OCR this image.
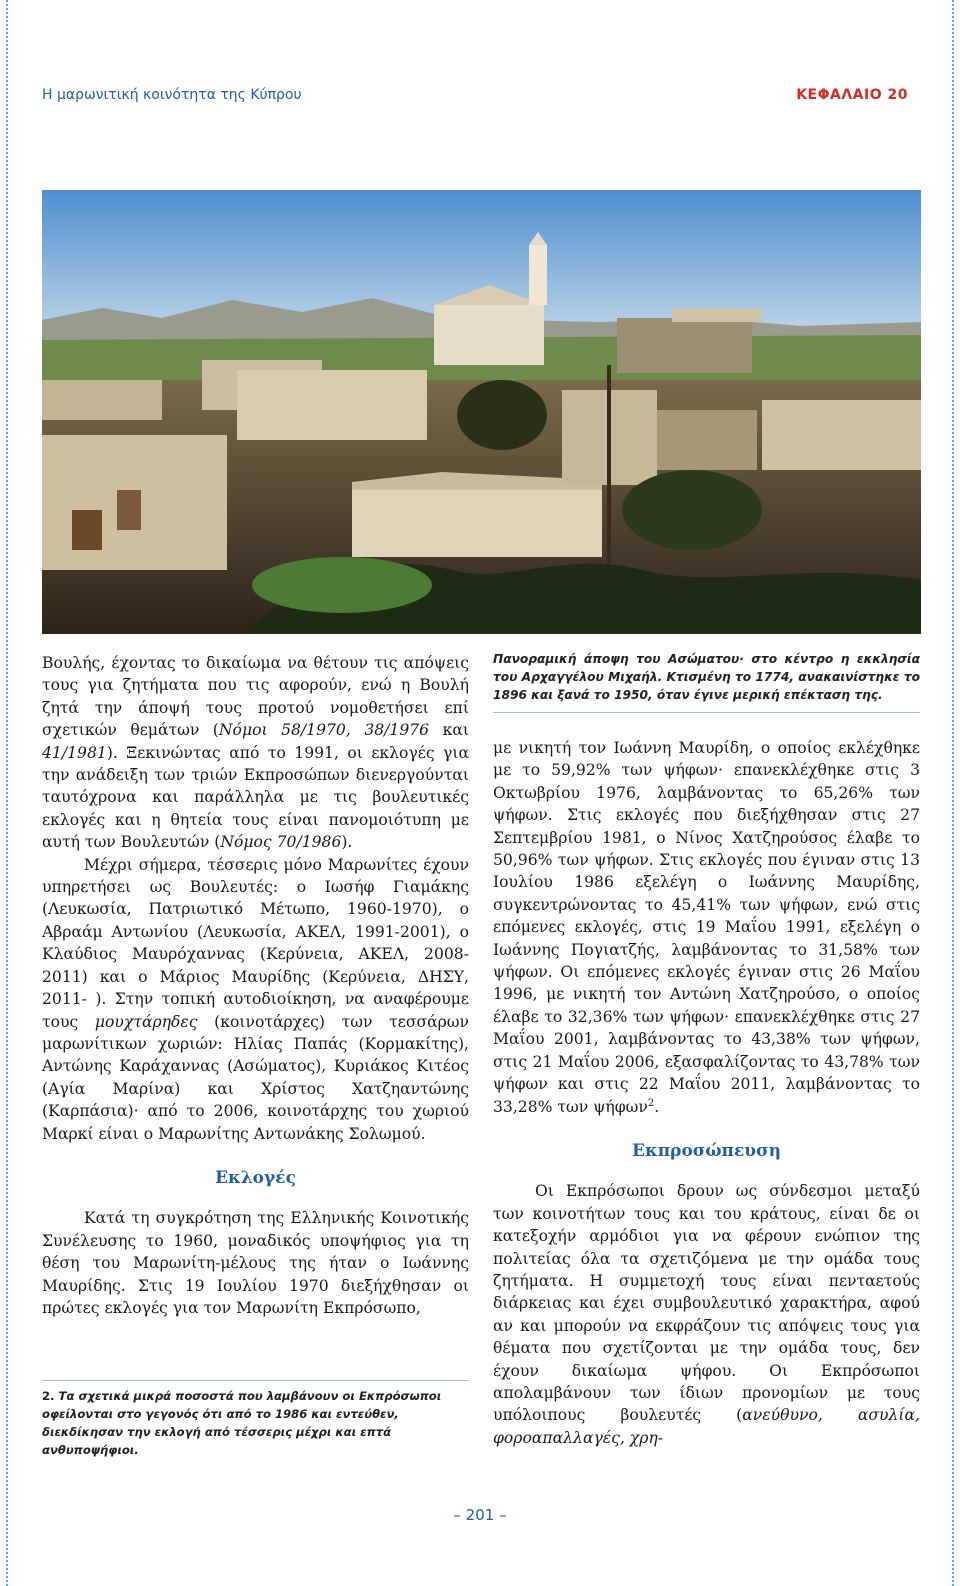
Η μαρωνιτική κοινότητα της Κύπρου	ΚΕΦΑΛΑΙΟ 20
Πανοραμική άποψη του Ασώματου· στο κέντρο η εκκλησία του Αρχαγγέλου Μιχαήλ. Κτισμένη το 1774, ανακαινίστηκε το 1896 και ξανά το 1950, όταν έγινε μερική επέκταση της.

Βουλής, έχοντας το δικαίωμα να θέτουν τις απόψεις τους για ζητήματα που τις αφορούν, ενώ η Βουλή ζητά την άποψή τους προτού νομοθετήσει επί σχετικών θεμάτων (Νόμοι 58/1970, 38/1976 και 41/1981). Ξεκινώντας από το 1991, οι εκλογές για την ανάδειξη των τριών Εκπροσώπων διενεργούνται ταυτόχρονα και παράλληλα με τις βουλευτικές εκλογές και η θητεία τους είναι πανομοιότυπη με αυτή των Βουλευτών (Νόμος 70/1986).

Μέχρι σήμερα, τέσσερις μόνο Μαρωνίτες έχουν υπηρετήσει ως Βουλευτές: ο Ιωσήφ Γιαμάκης (Λευκωσία, Πατριωτικό Μέτωπο, 1960-1970), ο Αβραάμ Αντωνίου (Λευκωσία, ΑΚΕΛ, 1991-2001), ο Κλαύδιος Μαυρόχαννας (Κερύνεια, ΑΚΕΛ, 2008-2011) και ο Μάριος Μαυρίδης (Κερύνεια, ΔΗΣΥ, 2011- ). Στην τοπική αυτοδιοίκηση, να αναφέρουμε τους μουχτάρηδες (κοινοτάρχες) των τεσσάρων μαρωνίτικων χωριών: Ηλίας Παπάς (Κορμακίτης), Αντώνης Καράχαννας (Ασώματος), Κυριάκος Κιτέος (Αγία Μαρίνα) και Χρίστος Χατζηαντώνης (Καρπάσια)· από το 2006, κοινοτάρχης του χωριού Μαρκί είναι ο Μαρωνίτης Αντωνάκης Σολωμού.

Εκλογές

Κατά τη συγκρότηση της Ελληνικής Κοινοτικής Συνέλευσης το 1960, μοναδικός υποψήφιος για τη θέση του Μαρωνίτη-μέλους της ήταν ο Ιωάννης Μαυρίδης. Στις 19 Ιουλίου 1970 διεξήχθησαν οι πρώτες εκλογές για τον Μαρωνίτη Εκπρόσωπο,

με νικητή τον Ιωάννη Μαυρίδη, ο οποίος εκλέχθηκε με το 59,92% των ψήφων· επανεκλέχθηκε στις 3 Οκτωβρίου 1976, λαμβάνοντας το 65,26% των ψήφων. Στις εκλογές που διεξήχθησαν στις 27 Σεπτεμβρίου 1981, ο Νίνος Χατζηρούσος έλαβε το 50,96% των ψήφων. Στις εκλογές που έγιναν στις 13 Ιουλίου 1986 εξελέγη ο Ιωάννης Μαυρίδης, συγκεντρώνοντας το 45,41% των ψήφων, ενώ στις επόμενες εκλογές, στις 19 Μαΐου 1991, εξελέγη ο Ιωάννης Πογιατζής, λαμβάνοντας το 31,58% των ψήφων. Οι επόμενες εκλογές έγιναν στις 26 Μαΐου 1996, με νικητή τον Αντώνη Χατζηρούσο, ο οποίος έλαβε το 32,36% των ψήφων· επανεκλέχθηκε στις 27 Μαΐου 2001, λαμβάνοντας το 43,38% των ψήφων, στις 21 Μαΐου 2006, εξασφαλίζοντας το 43,78% των ψήφων και στις 22 Μαΐου 2011, λαμβάνοντας το 33,28% των ψήφων$^2$.

Εκπροσώπευση

Οι Εκπρόσωποι δρουν ως σύνδεσμοι μεταξύ των κοινοτήτων τους και του κράτους, είναι δε οι κατεξοχήν αρμόδιοι για να φέρουν ενώπιον της πολιτείας όλα τα σχετιζόμενα με την ομάδα τους ζητήματα. Η συμμετοχή τους είναι πενταετούς διάρκειας και έχει συμβουλευτικό χαρακτήρα, αφού αν και μπορούν να εκφράζουν τις απόψεις τους για θέματα που σχετίζονται με την ομάδα τους, δεν έχουν δικαίωμα ψήφου. Οι Εκπρόσωποι απολαμβάνουν των ίδιων προνομίων με τους υπόλοιπους βουλευτές (ανεύθυνο, ασυλία, φοροαπαλλαγές, χρη-

2. Τα σχετικά μικρά ποσοστά που λαμβάνουν οι Εκπρόσωποι οφείλονται στο γεγονός ότι από το 1986 και εντεύθεν, διεκδίκησαν την εκλογή από τέσσερις μέχρι και επτά ανθυποψήφιοι.
– 201 –
